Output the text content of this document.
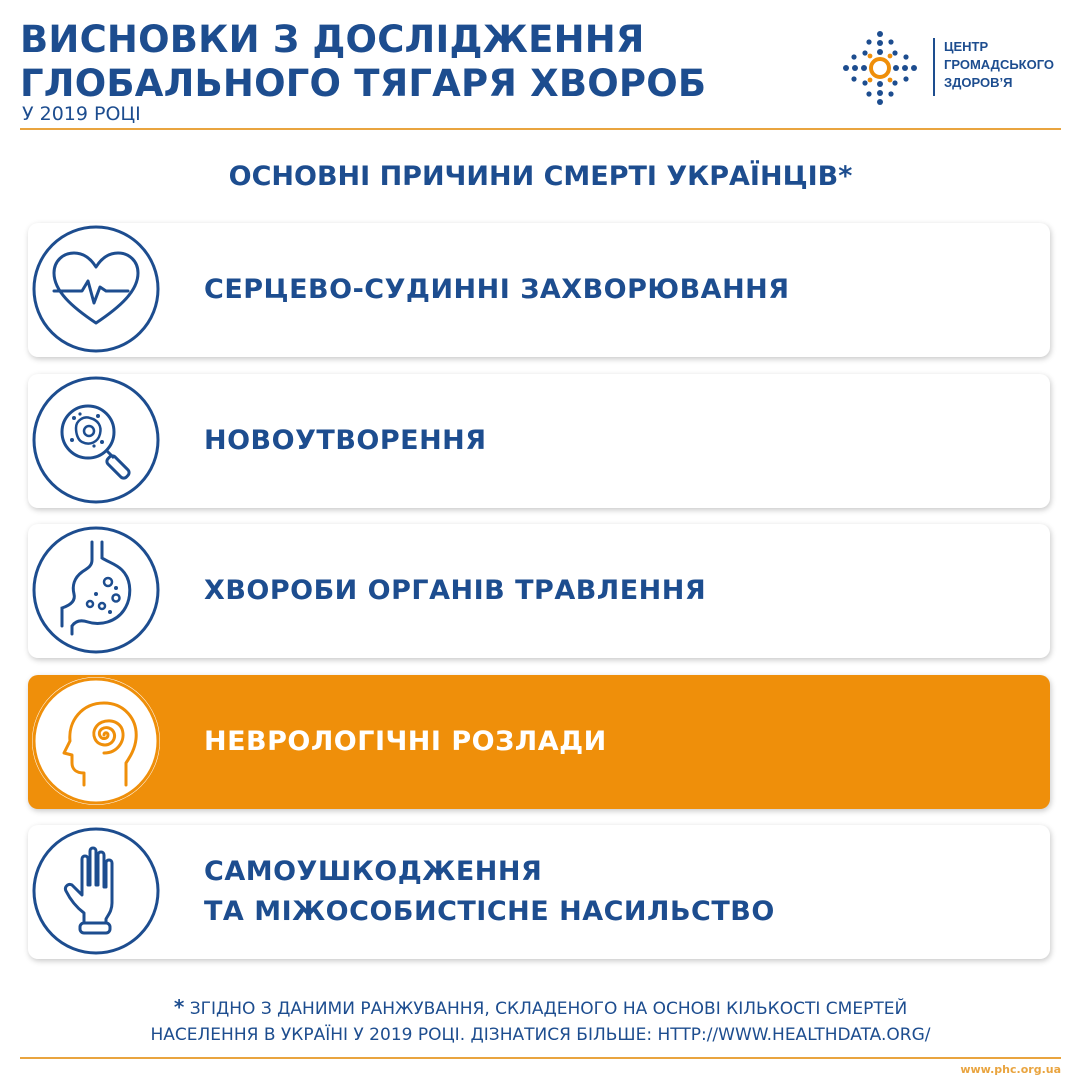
ВИСНОВКИ З ДОСЛІДЖЕННЯ
ГЛОБАЛЬНОГО ТЯГАРЯ ХВОРОБ
У 2019 РОЦІ
ЦЕНТР
ГРОМАДСЬКОГО
ЗДОРОВ’Я
ОСНОВНІ ПРИЧИНИ СМЕРТІ УКРАЇНЦІВ*
СЕРЦЕВО-СУДИННІ ЗАХВОРЮВАННЯ
НОВОУТВОРЕННЯ
ХВОРОБИ ОРГАНІВ ТРАВЛЕННЯ
НЕВРОЛОГІЧНІ РОЗЛАДИ
САМОУШКОДЖЕННЯ
ТА МІЖОСОБИСТІСНЕ НАСИЛЬСТВО
* ЗГІДНО З ДАНИМИ РАНЖУВАННЯ, СКЛАДЕНОГО НА ОСНОВІ КІЛЬКОСТІ СМЕРТЕЙ
НАСЕЛЕННЯ В УКРАЇНІ У 2019 РОЦІ. ДІЗНАТИСЯ БІЛЬШЕ: HTTP://WWW.HEALTHDATA.ORG/
www.phc.org.ua
